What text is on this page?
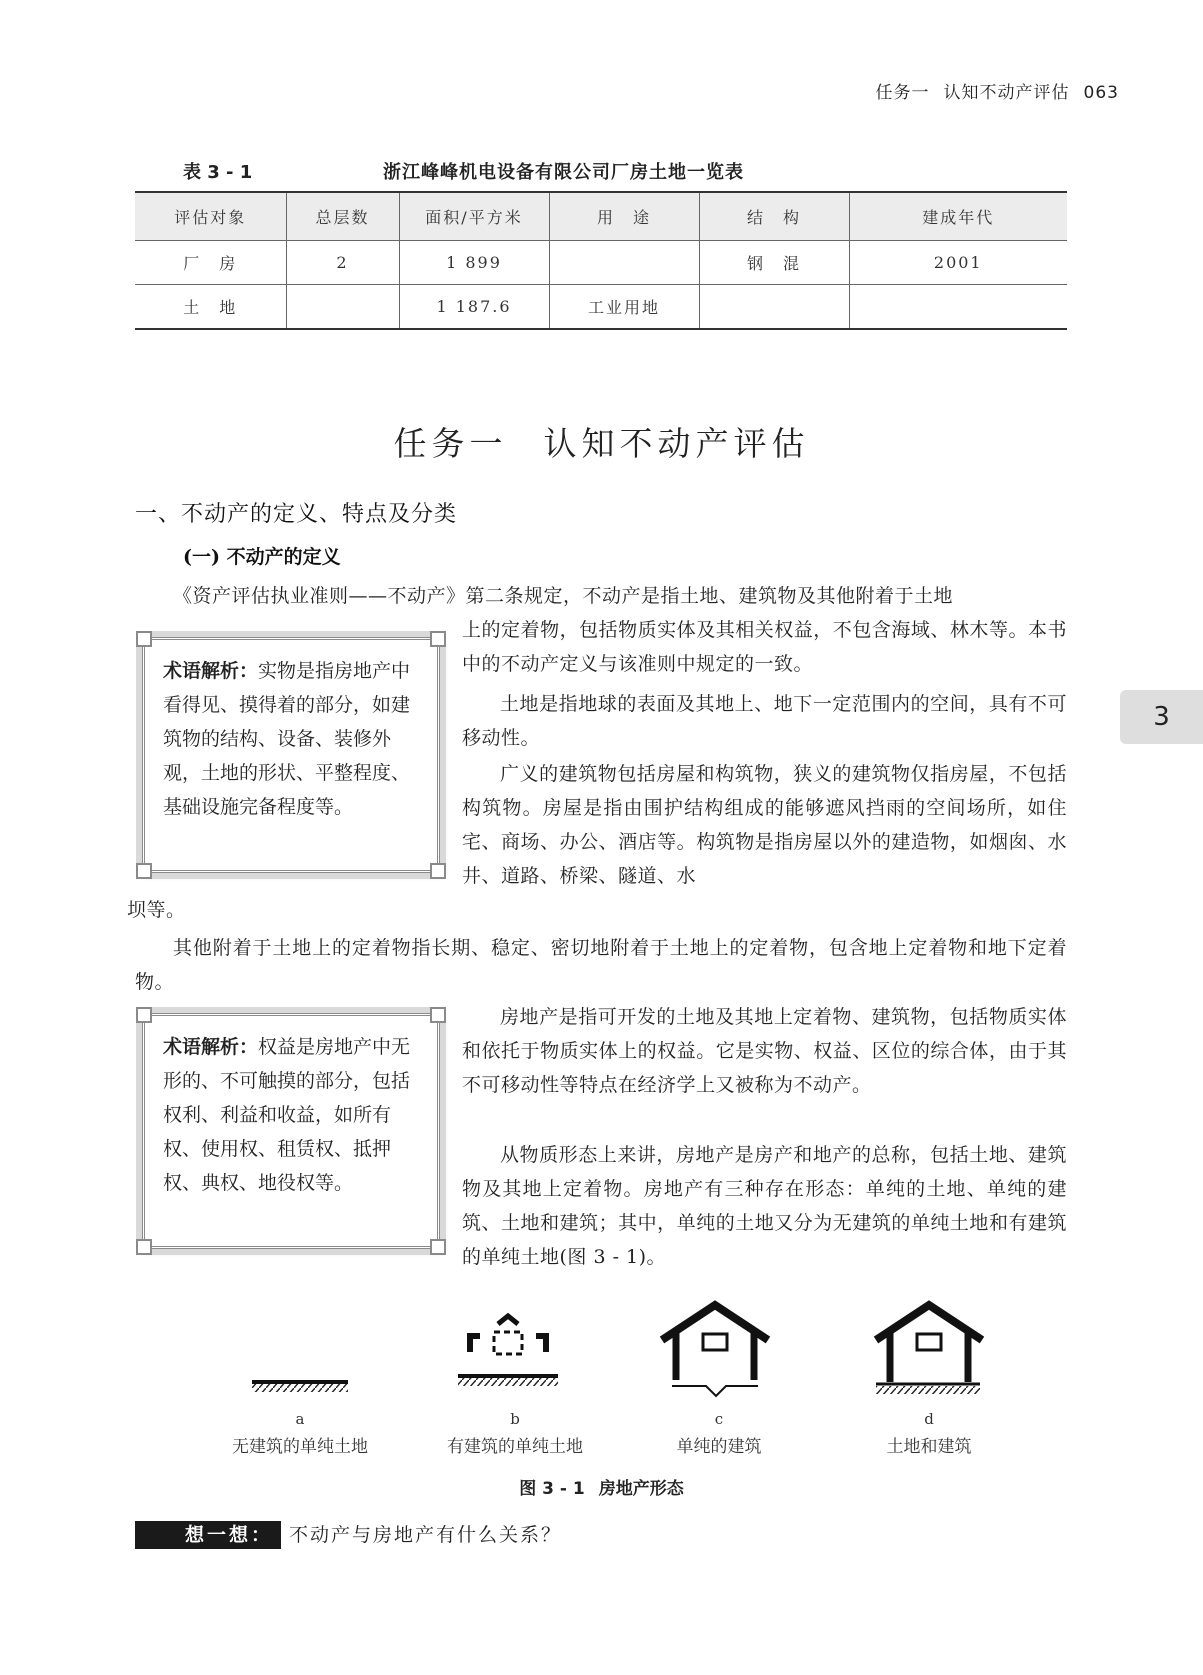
任务一 认知不动产评估 063
表 3 - 1	浙江峰峰机电设备有限公司厂房土地一览表
评估对象	总层数	面积/平方米	用　途	结　构	建成年代
厂　房	2	1 899		钢　混	2001
土　地		1 187.6	工业用地		
任务一 认知不动产评估
一、不动产的定义、特点及分类
(一) 不动产的定义
《资产评估执业准则——不动产》第二条规定，不动产是指土地、建筑物及其他附着于土地
上的定着物，包括物质实体及其相关权益，不包含海域、林木等。本书中的不动产定义与该准则中规定的一致。
术语解析：实物是指房地产中看得见、摸得着的部分，如建筑物的结构、设备、装修外观，土地的形状、平整程度、基础设施完备程度等。
土地是指地球的表面及其地上、地下一定范围内的空间，具有不可移动性。
广义的建筑物包括房屋和构筑物，狭义的建筑物仅指房屋，不包括构筑物。房屋是指由围护结构组成的能够遮风挡雨的空间场所，如住宅、商场、办公、酒店等。构筑物是指房屋以外的建造物，如烟囱、水井、道路、桥梁、隧道、水
坝等。
其他附着于土地上的定着物指长期、稳定、密切地附着于土地上的定着物，包含地上定着物和地下定着物。
术语解析：权益是房地产中无形的、不可触摸的部分，包括权利、利益和收益，如所有权、使用权、租赁权、抵押权、典权、地役权等。
房地产是指可开发的土地及其地上定着物、建筑物，包括物质实体和依托于物质实体上的权益。它是实物、权益、区位的综合体，由于其不可移动性等特点在经济学上又被称为不动产。
从物质形态上来讲，房地产是房产和地产的总称，包括土地、建筑物及其地上定着物。房地产有三种存在形态：单纯的土地、单纯的建筑、土地和建筑；其中，单纯的土地又分为无建筑的单纯土地和有建筑的单纯土地(图 3 - 1)。
3
a	b	c	d
无建筑的单纯土地	有建筑的单纯土地	单纯的建筑	土地和建筑
图 3 - 1 房地产形态
想一想： 不动产与房地产有什么关系？
